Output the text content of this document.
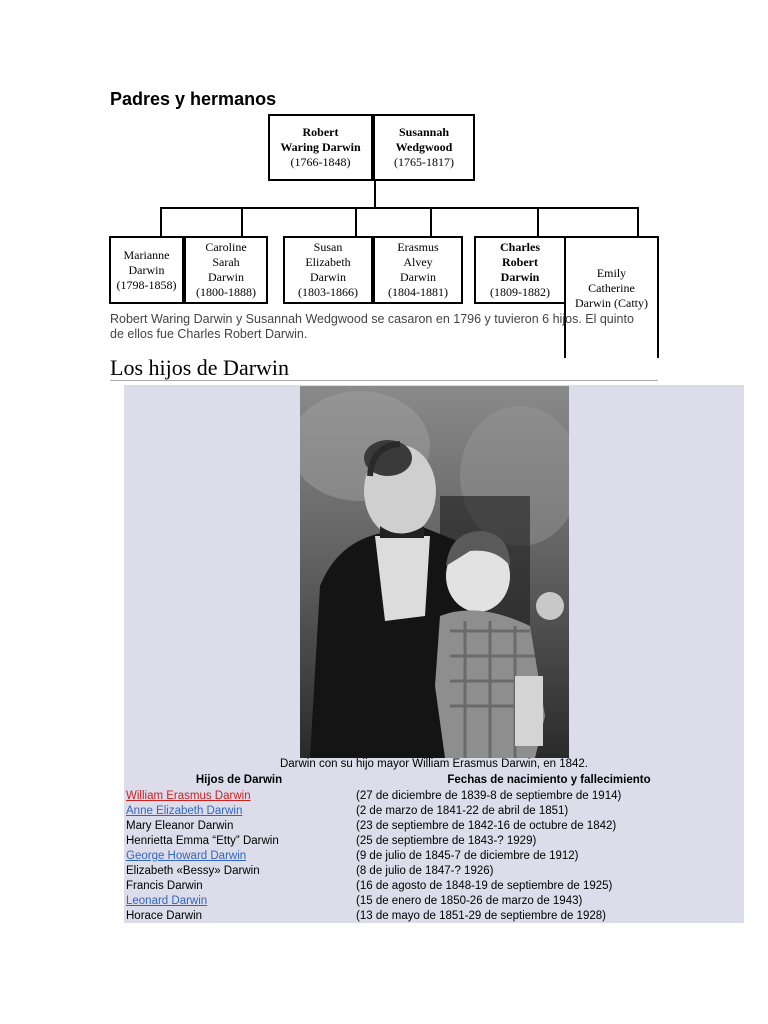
Padres y hermanos
Robert
Waring Darwin
(1766-1848)
Susannah
Wedgwood
(1765-1817)
Marianne
Darwin
(1798-1858)
Caroline
Sarah
Darwin
(1800-1888)
Susan
Elizabeth
Darwin
(1803-1866)
Erasmus
Alvey
Darwin
(1804-1881)
Charles
Robert
Darwin
(1809-1882)
Emily
Catherine
Darwin (Catty)
Robert Waring Darwin y Susannah Wedgwood se casaron en 1796 y tuvieron 6 hijos. El quinto de ellos fue Charles Robert Darwin.
Los hijos de Darwin
Darwin con su hijo mayor William Erasmus Darwin, en 1842.
Hijos de Darwin	Fechas de nacimiento y fallecimiento
William Erasmus Darwin	(27 de diciembre de 1839-8 de septiembre de 1914)
Anne Elizabeth Darwin	(2 de marzo de 1841-22 de abril de 1851)
Mary Eleanor Darwin	(23 de septiembre de 1842-16 de octubre de 1842)
Henrietta Emma “Etty” Darwin	(25 de septiembre de 1843-? 1929)
George Howard Darwin	(9 de julio de 1845-7 de diciembre de 1912)
Elizabeth «Bessy» Darwin	(8 de julio de 1847-? 1926)
Francis Darwin	(16 de agosto de 1848-19 de septiembre de 1925)
Leonard Darwin	(15 de enero de 1850-26 de marzo de 1943)
Horace Darwin	(13 de mayo de 1851-29 de septiembre de 1928)
